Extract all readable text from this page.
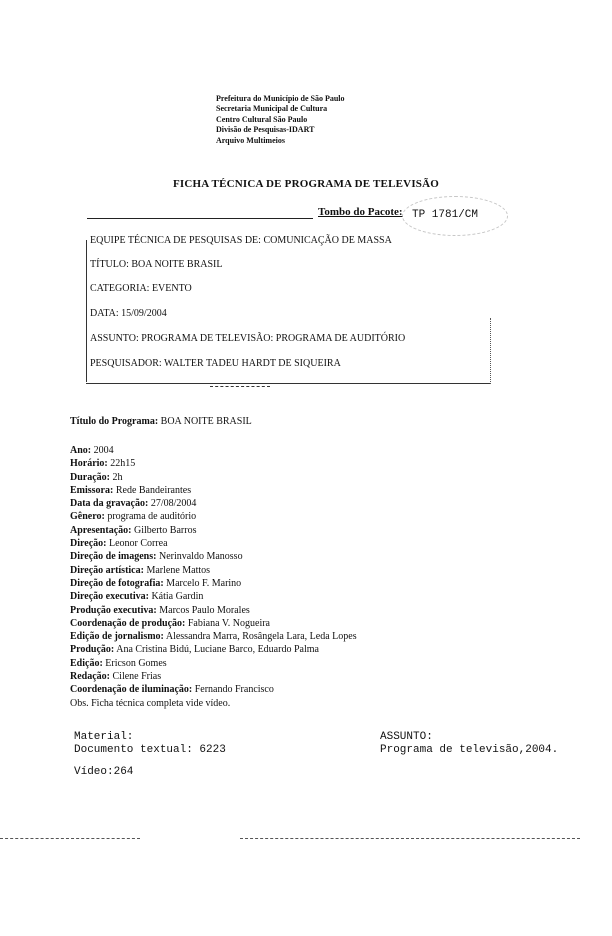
Prefeitura do Município de São Paulo
Secretaria Municipal de Cultura
Centro Cultural São Paulo
Divisão de Pesquisas-IDART
Arquivo Multimeios
FICHA TÉCNICA DE PROGRAMA DE TELEVISÃO
Tombo do Pacote: TP 1781/CM
EQUIPE TÉCNICA DE PESQUISAS DE: COMUNICAÇÃO DE MASSA
TÍTULO: BOA NOITE BRASIL
CATEGORIA: EVENTO
DATA: 15/09/2004
ASSUNTO: PROGRAMA DE TELEVISÃO: PROGRAMA DE AUDITÓRIO
PESQUISADOR: WALTER TADEU HARDT DE SIQUEIRA
Título do Programa: BOA NOITE BRASIL
Ano: 2004
Horário: 22h15
Duração: 2h
Emissora: Rede Bandeirantes
Data da gravação: 27/08/2004
Gênero: programa de auditório
Apresentação: Gilberto Barros
Direção: Leonor Correa
Direção de imagens: Nerinvaldo Manosso
Direção artística: Marlene Mattos
Direção de fotografia: Marcelo F. Marino
Direção executiva: Kátia Gardin
Produção executiva: Marcos Paulo Morales
Coordenação de produção: Fabiana V. Nogueira
Edição de jornalismo: Alessandra Marra, Rosângela Lara, Leda Lopes
Produção: Ana Cristina Bidú, Luciane Barco, Eduardo Palma
Edição: Ericson Gomes
Redação: Cilene Frias
Coordenação de iluminação: Fernando Francisco
Obs. Ficha técnica completa vide vídeo.
Material:
Documento textual: 6223
Vídeo:264
ASSUNTO:
Programa de televisão,2004.
